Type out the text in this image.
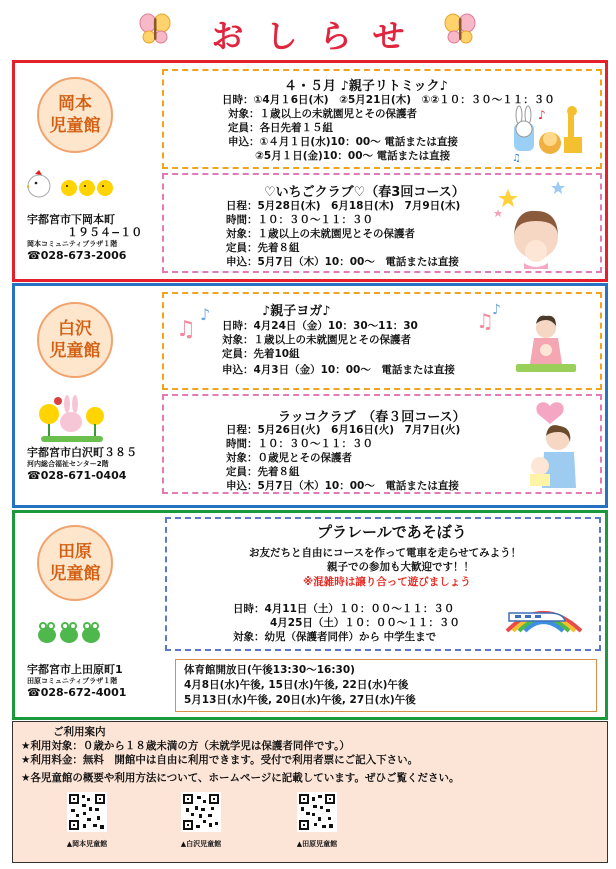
おしらせ
岡本
児童館
宇都宮市下岡本町
１９５４−１０
岡本コミュニティプラザ１階
☎028-673-2006
４・５月 ♪親子リトミック♪
日時：①4月１6日(木)　②5月21日(木)　①②１０：３０〜１１：３０
対象：１歳以上の未就園児とその保護者
定員：各日先着１５組
申込：①４月１日(水)10：00〜 電話または直接
②5月１日(金)10：00〜 電話または直接
♪
♫
♡いちごクラブ♡（春3回コース）
日程：5月28日(木)　6月18日(木)　7月9日(木)
時間：１０：３０〜１１：３０
対象：１歳以上の未就園児とその保護者
定員：先着８組
申込：5月7日（木）10：00〜　電話または直接
白沢
児童館
宇都宮市白沢町３８５
河内総合福祉センター2階
☎028-671-0404
♪親子ヨガ♪
日時：4月24日（金）10：30〜11：30
対象：１歳以上の未就園児とその保護者
定員：先着10組
申込：4月3日（金）10：00〜　電話または直接
♫
♪	♫
♪
ラッコクラブ　（春３回コース）
日程：5月26日(火)　6月16日(火)　7月7日(火)
時間：１０：３０〜１１：３０
対象：０歳児とその保護者
定員：先着８組
申込：5月7日（木）10：00〜　電話または直接
田原
児童館
宇都宮市上田原町1
田原コミュニティプラザ１階
☎028-672-4001
プラレールであそぼう
お友だちと自由にコースを作って電車を走らせてみよう！
親子での参加も大歓迎です！！
※混雑時は譲り合って遊びましょう
日時：4月11日（土）１０：００〜１１：３０
4月25日（土）１０：００〜１１：３０
対象：幼児（保護者同伴）から 中学生まで
体育館開放日(午後13:30〜16:30)
4月8日(水)午後, 15日(水)午後, 22日(水)午後
5月13日(水)午後, 20日(水)午後, 27日(水)午後
ご利用案内
★利用対象：０歳から１８歳未満の方（未就学児は保護者同伴です。）
★利用料金：無料　開館中は自由に利用できます。受付で利用者票にご記入下さい。
★各児童館の概要や利用方法について、ホームページに記載しています。ぜひご覧ください。
▲岡本児童館	▲白沢児童館	▲田原児童館
